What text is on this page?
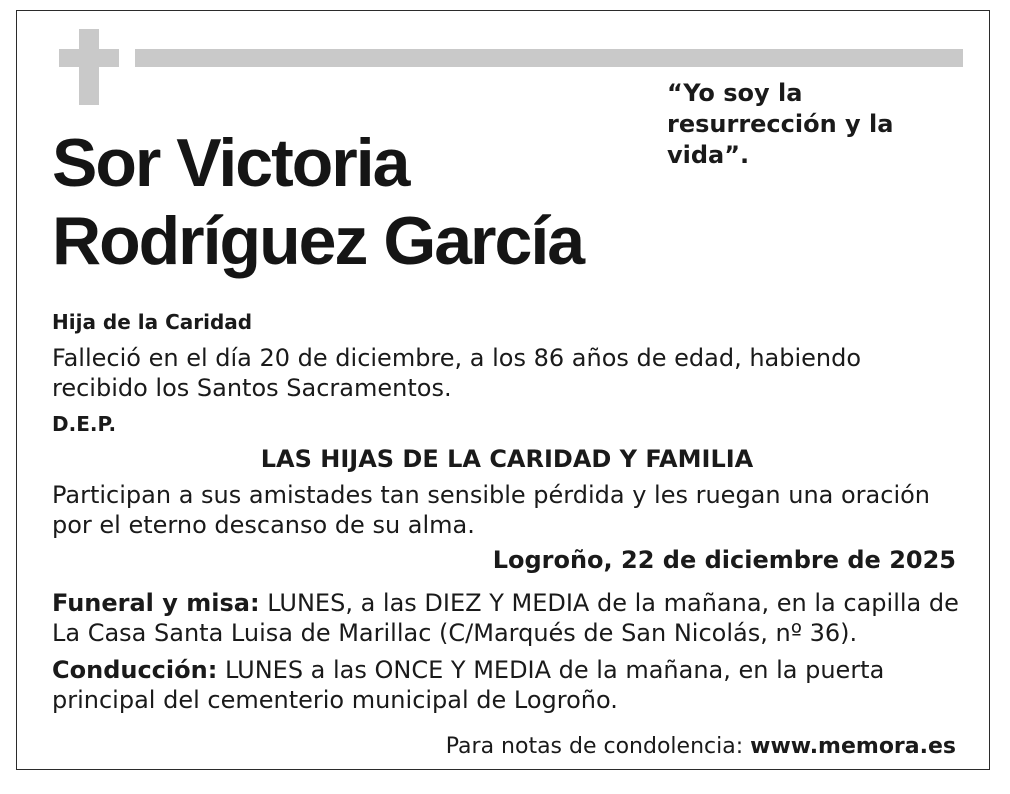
“Yo soy la resurrección y la vida”.
Sor Victoria Rodríguez García
Hija de la Caridad
Falleció en el día 20 de diciembre, a los 86 años de edad, habiendo recibido los Santos Sacramentos.
D.E.P.
LAS HIJAS DE LA CARIDAD Y FAMILIA
Participan a sus amistades tan sensible pérdida y les ruegan una oración por el eterno descanso de su alma.
Logroño, 22 de diciembre de 2025
Funeral y misa: LUNES, a las DIEZ Y MEDIA de la mañana, en la capilla de La Casa Santa Luisa de Marillac (C/Marqués de San Nicolás, nº 36).
Conducción: LUNES a las ONCE Y MEDIA de la mañana, en la puerta principal del cementerio municipal de Logroño.
Para notas de condolencia: www.memora.es
